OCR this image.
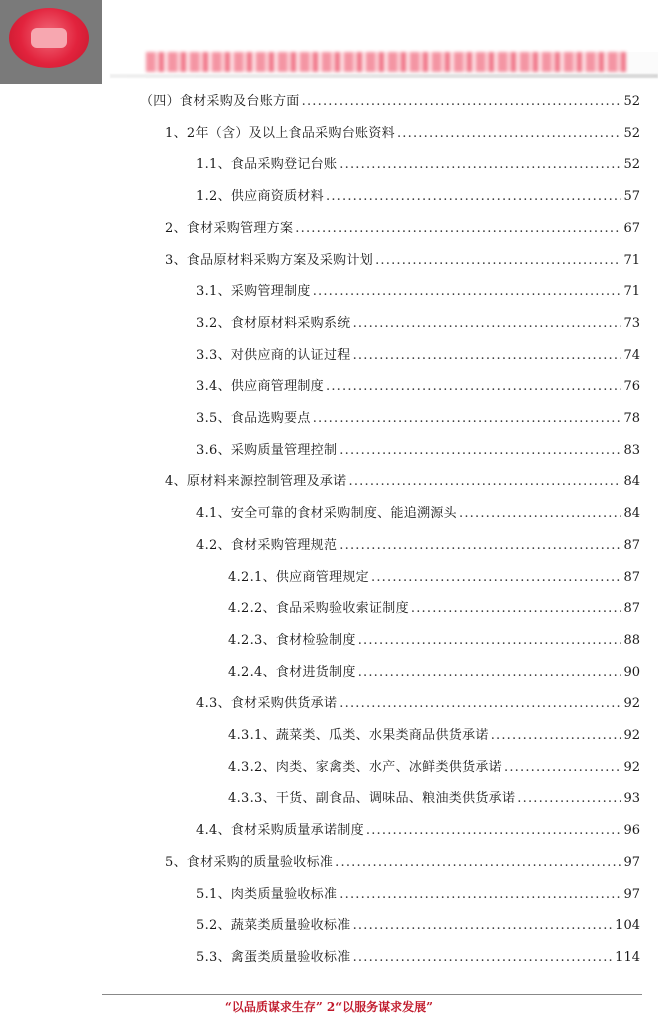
（四）食材采购及台账方面 .....	52
1、2年（含）及以上食品采购台账资料 .....	52
1.1、食品采购登记台账 .....	52
1.2、供应商资质材料 .....	57
2、食材采购管理方案 .....	67
3、食品原材料采购方案及采购计划 .....	71
3.1、采购管理制度 .....	71
3.2、食材原材料采购系统 .....	73
3.3、对供应商的认证过程 .....	74
3.4、供应商管理制度 .....	76
3.5、食品选购要点 .....	78
3.6、采购质量管理控制 .....	83
4、原材料来源控制管理及承诺 .....	84
4.1、安全可靠的食材采购制度、能追溯源头 .....	84
4.2、食材采购管理规范 .....	87
4.2.1、供应商管理规定 .....	87
4.2.2、食品采购验收索证制度 .....	87
4.2.3、食材检验制度 .....	88
4.2.4、食材进货制度 .....	90
4.3、食材采购供货承诺 .....	92
4.3.1、蔬菜类、瓜类、水果类商品供货承诺 .....	92
4.3.2、肉类、家禽类、水产、冰鲜类供货承诺 .....	92
4.3.3、干货、副食品、调味品、粮油类供货承诺 .....	93
4.4、食材采购质量承诺制度 .....	96
5、食材采购的质量验收标准 .....	97
5.1、肉类质量验收标准 .....	97
5.2、蔬菜类质量验收标准 .....	104
5.3、禽蛋类质量验收标准 .....	114
“以品质谋求生存” 2“以服务谋求发展”
